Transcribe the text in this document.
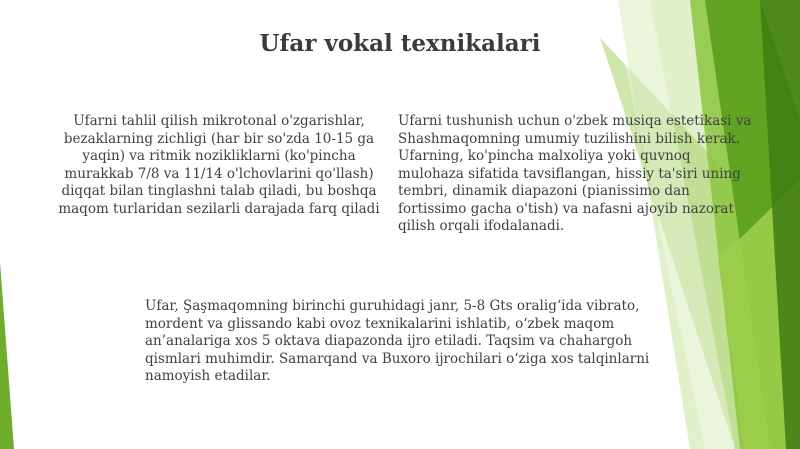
Ufar vokal texnikalari

Ufarni tahlil qilish mikrotonal o'zgarishlar, bezaklarning zichligi (har bir so'zda 10-15 ga yaqin) va ritmik noziklikl​arni (ko'pincha murakkab 7/8 va 11/14 o'lchovlarini qo'llash) diqqat bilan tinglashni talab qiladi, bu boshqa maqom turlaridan sezilarli darajada farq qiladi

Ufarni tushunish uchun o'zbek musiqa estetikasi va Shashmaqomning umumiy tuzilishini bilish kerak. Ufarning, ko'pincha malxoliya yoki quvnoq mulohaza sifatida tavsiflangan, hissiy ta'siri uning tembri, dinamik diapazoni (pianissimo dan fortissimo gacha o'tish) va nafasni ajoyib nazorat qilish orqali ifodalanadi.

Ufar, Şaşmaqomning birinchi guruhidagi janr, 5-8 Gts oralig‘ida vibrato, mordent va glissando kabi ovoz texnikalarini ishlatib, o‘zbek maqom an’analariga xos 5 oktava diapazonda ijro etiladi. Taqsim va chahargoh qismlari muhimdir. Samarqand va Buxoro ijrochilari o‘ziga xos talqinlarni namoyish etadilar.
